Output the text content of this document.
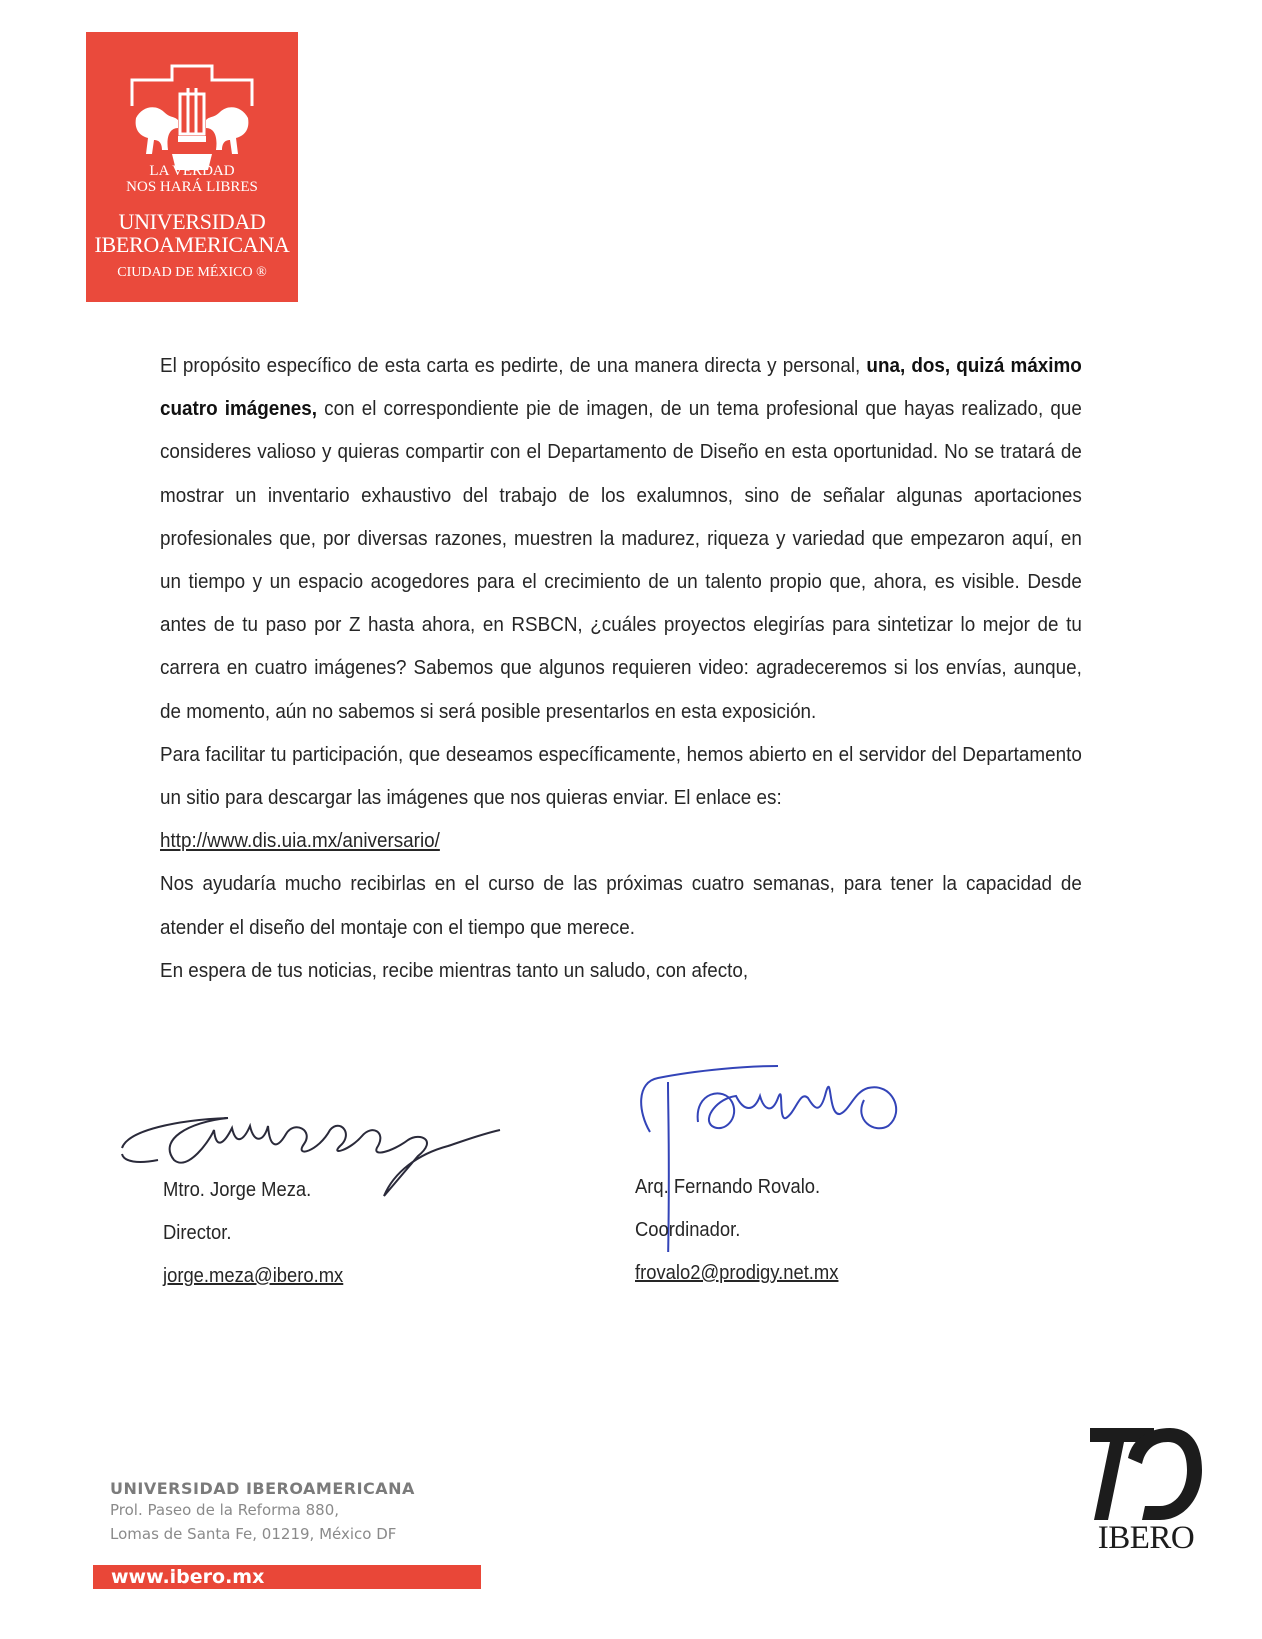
LA VERDAD
NOS HARÁ LIBRES
UNIVERSIDAD
IBEROAMERICANA
CIUDAD DE MÉXICO ®

El propósito específico de esta carta es pedirte, de una manera directa y personal, una, dos, quizá máximo cuatro imágenes, con el correspondiente pie de imagen, de un tema profesional que hayas realizado, que consideres valioso y quieras compartir con el Departamento de Diseño en esta oportunidad. No se tratará de mostrar un inventario exhaustivo del trabajo de los exalumnos, sino de señalar algunas aportaciones profesionales que, por diversas razones, muestren la madurez, riqueza y variedad que empezaron aquí, en un tiempo y un espacio acogedores para el crecimiento de un talento propio que, ahora, es visible. Desde antes de tu paso por Z hasta ahora, en RSBCN, ¿cuáles proyectos elegirías para sintetizar lo mejor de tu carrera en cuatro imágenes? Sabemos que algunos requieren video: agradeceremos si los envías, aunque, de momento, aún no sabemos si será posible presentarlos en esta exposición.

Para facilitar tu participación, que deseamos específicamente, hemos abierto en el servidor del Departamento un sitio para descargar las imágenes que nos quieras enviar. El enlace es:

http://www.dis.uia.mx/aniversario/

Nos ayudaría mucho recibirlas en el curso de las próximas cuatro semanas, para tener la capacidad de atender el diseño del montaje con el tiempo que merece.

En espera de tus noticias, recibe mientras tanto un saludo, con afecto,

Mtro. Jorge Meza.
Director.
jorge.meza@ibero.mx
Arq. Fernando Rovalo.
Coordinador.
frovalo2@prodigy.net.mx
UNIVERSIDAD IBEROAMERICANA
Prol. Paseo de la Reforma 880,
Lomas de Santa Fe, 01219, México DF
www.ibero.mx
IBERO
